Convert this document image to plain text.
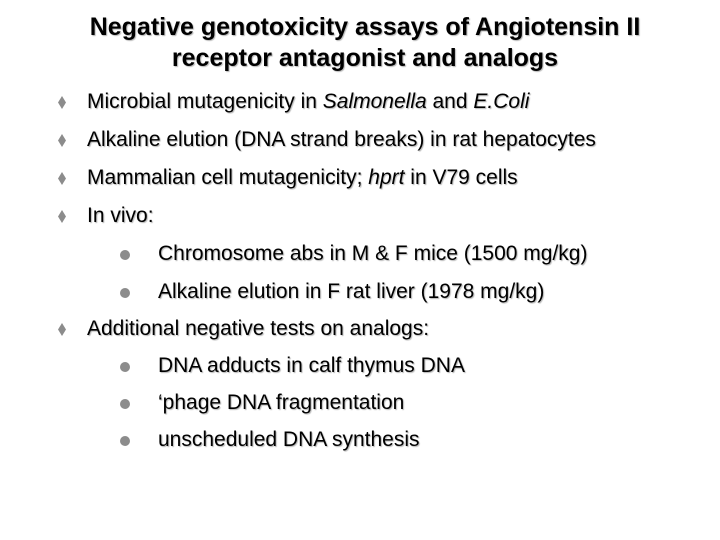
Negative genotoxicity assays of Angiotensin II
receptor antagonist and analogs
Microbial mutagenicity in Salmonella and E.Coli
Alkaline elution (DNA strand breaks) in rat hepatocytes
Mammalian cell mutagenicity; hprt in V79 cells
In vivo:
Chromosome abs in M & F mice (1500 mg/kg)
Alkaline elution in F rat liver (1978 mg/kg)
Additional negative tests on analogs:
DNA adducts in calf thymus DNA
‘phage DNA fragmentation
unscheduled DNA synthesis
